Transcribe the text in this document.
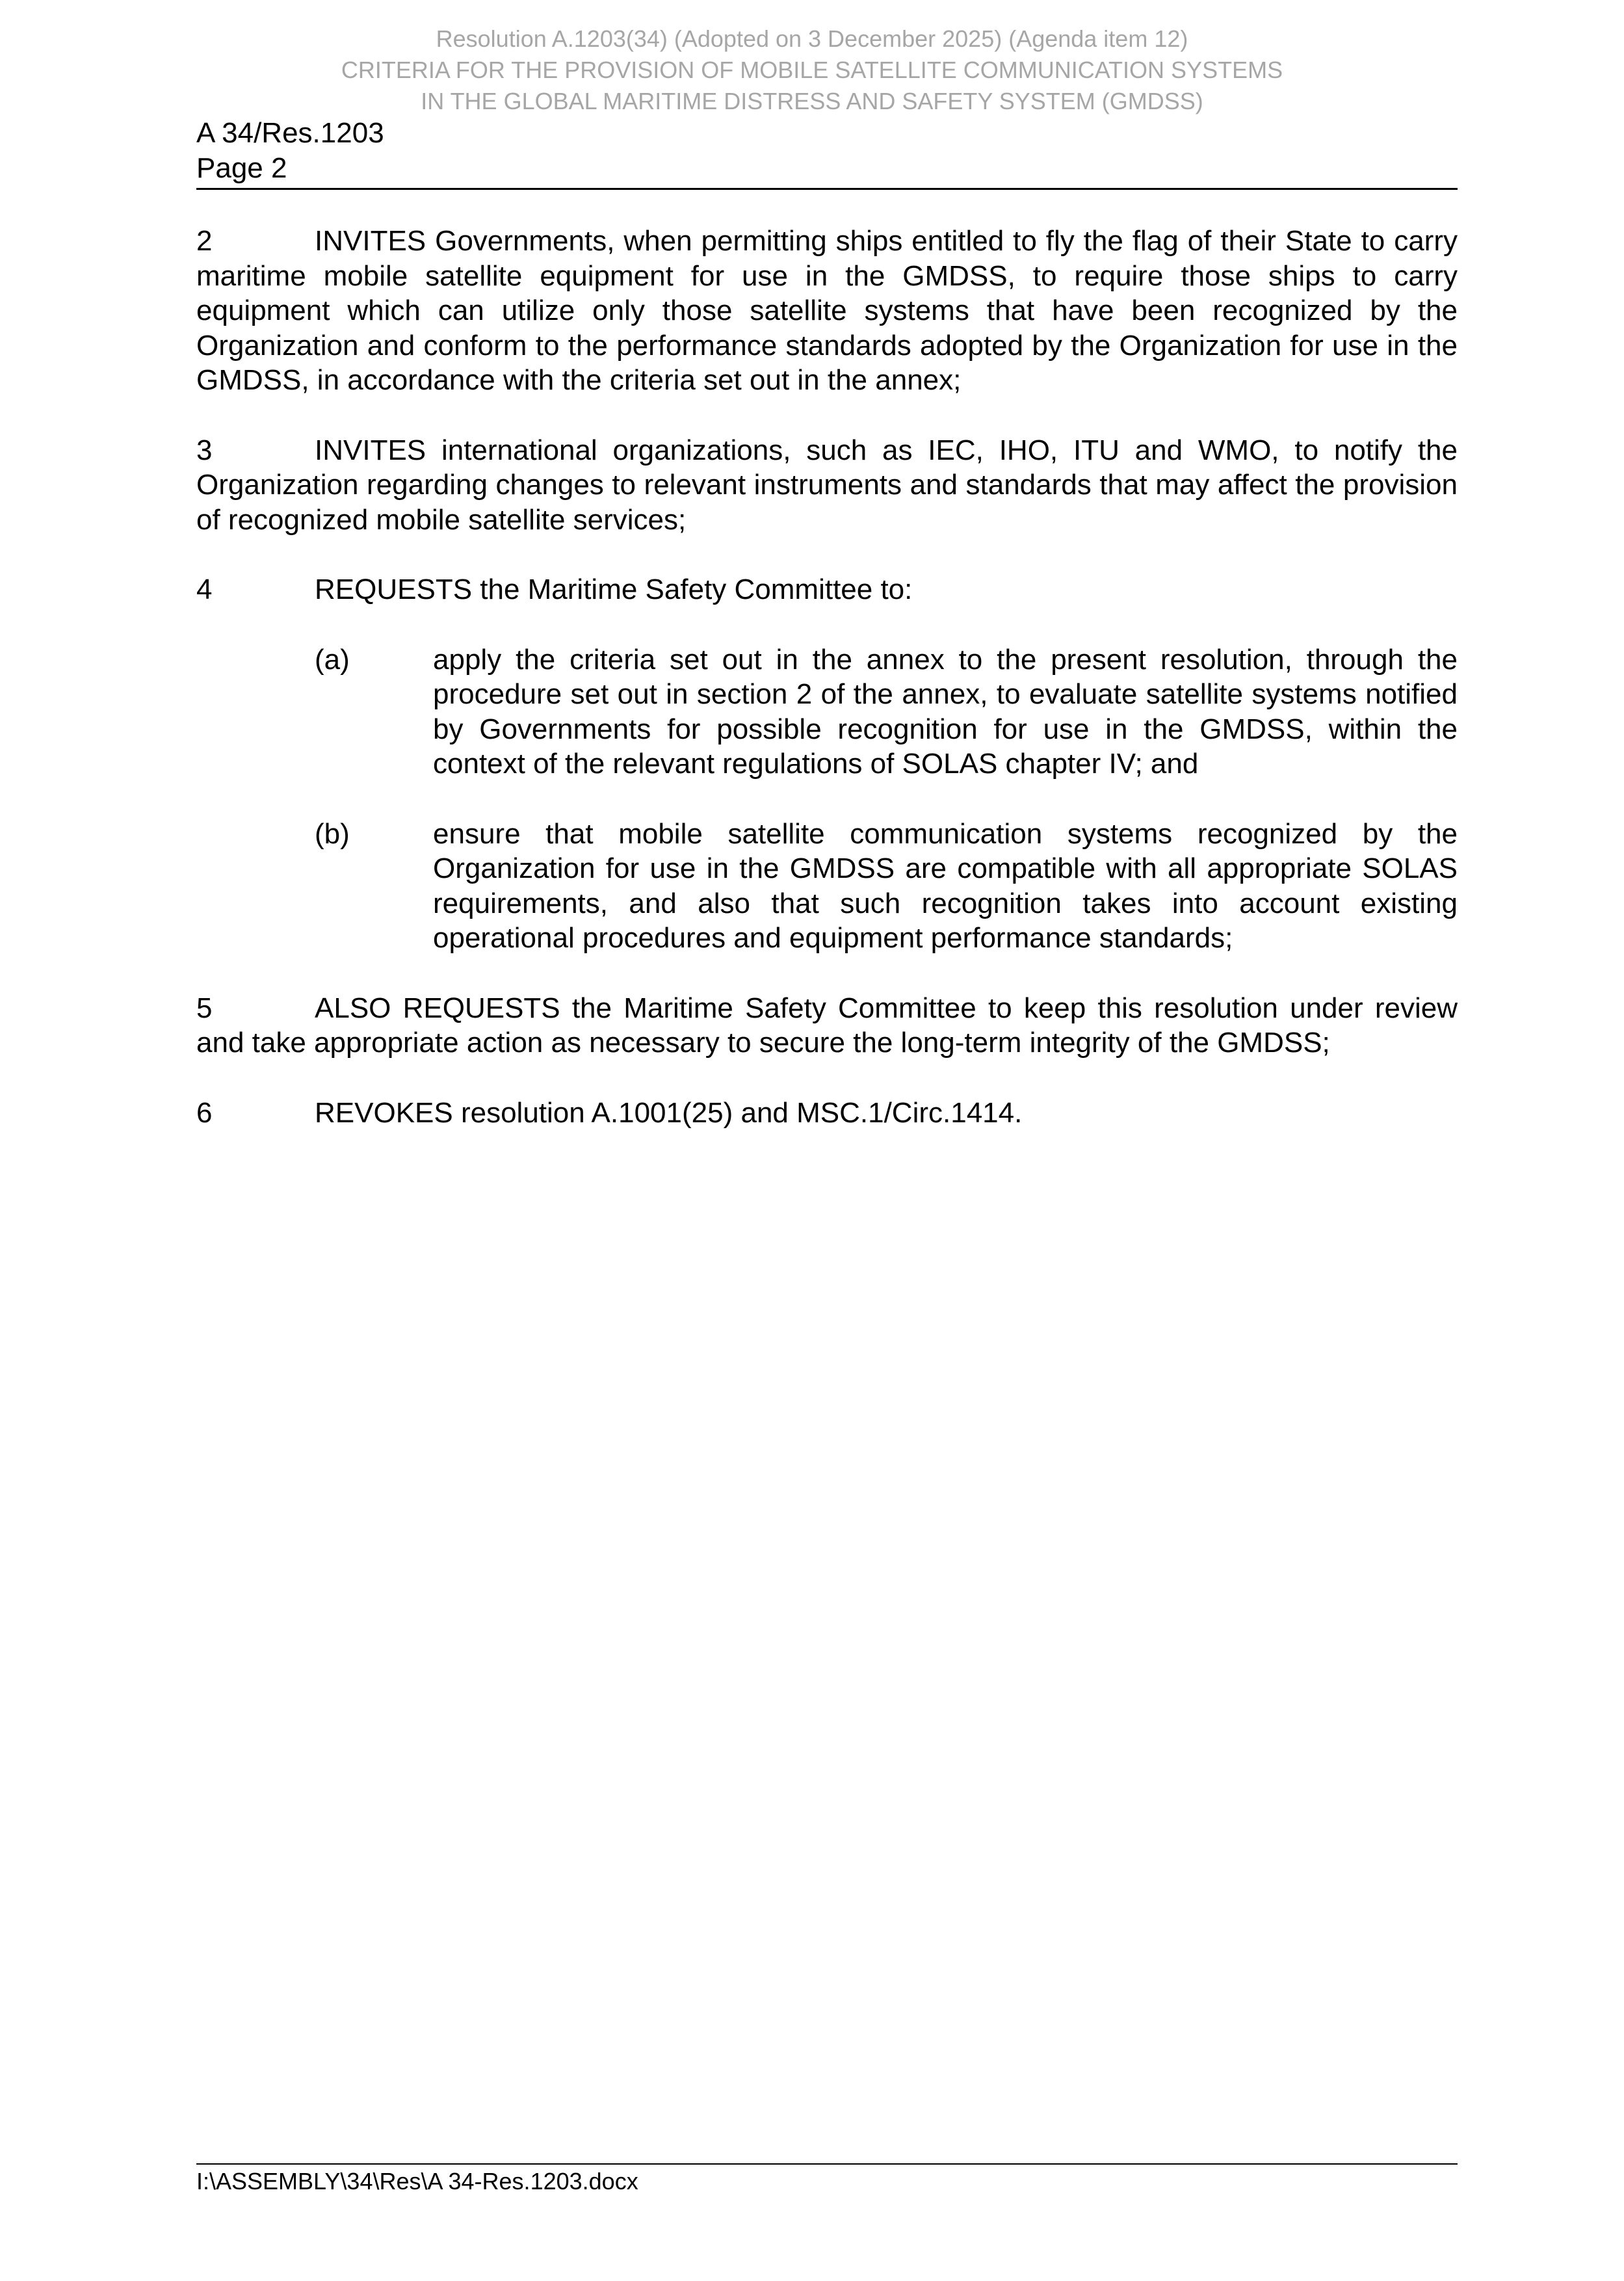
Resolution A.1203(34) (Adopted on 3 December 2025) (Agenda item 12)
CRITERIA FOR THE PROVISION OF MOBILE SATELLITE COMMUNICATION SYSTEMS
IN THE GLOBAL MARITIME DISTRESS AND SAFETY SYSTEM (GMDSS)
A 34/Res.1203
Page 2

2	INVITES Governments, when permitting ships entitled to fly the flag of their State to carry maritime mobile satellite equipment for use in the GMDSS, to require those ships to carry equipment which can utilize only those satellite systems that have been recognized by the Organization and conform to the performance standards adopted by the Organization for use in the GMDSS, in accordance with the criteria set out in the annex;

3	INVITES international organizations, such as IEC, IHO, ITU and WMO, to notify the Organization regarding changes to relevant instruments and standards that may affect the provision of recognized mobile satellite services;

4	REQUESTS the Maritime Safety Committee to:

(a)	apply the criteria set out in the annex to the present resolution, through the procedure set out in section 2 of the annex, to evaluate satellite systems notified by Governments for possible recognition for use in the GMDSS, within the context of the relevant regulations of SOLAS chapter IV; and
(b)	ensure that mobile satellite communication systems recognized by the Organization for use in the GMDSS are compatible with all appropriate SOLAS requirements, and also that such recognition takes into account existing operational procedures and equipment performance standards;

5	ALSO REQUESTS the Maritime Safety Committee to keep this resolution under review and take appropriate action as necessary to secure the long-term integrity of the GMDSS;

6	REVOKES resolution A.1001(25) and MSC.1/Circ.1414.

I:\ASSEMBLY\34\Res\A 34-Res.1203.docx
